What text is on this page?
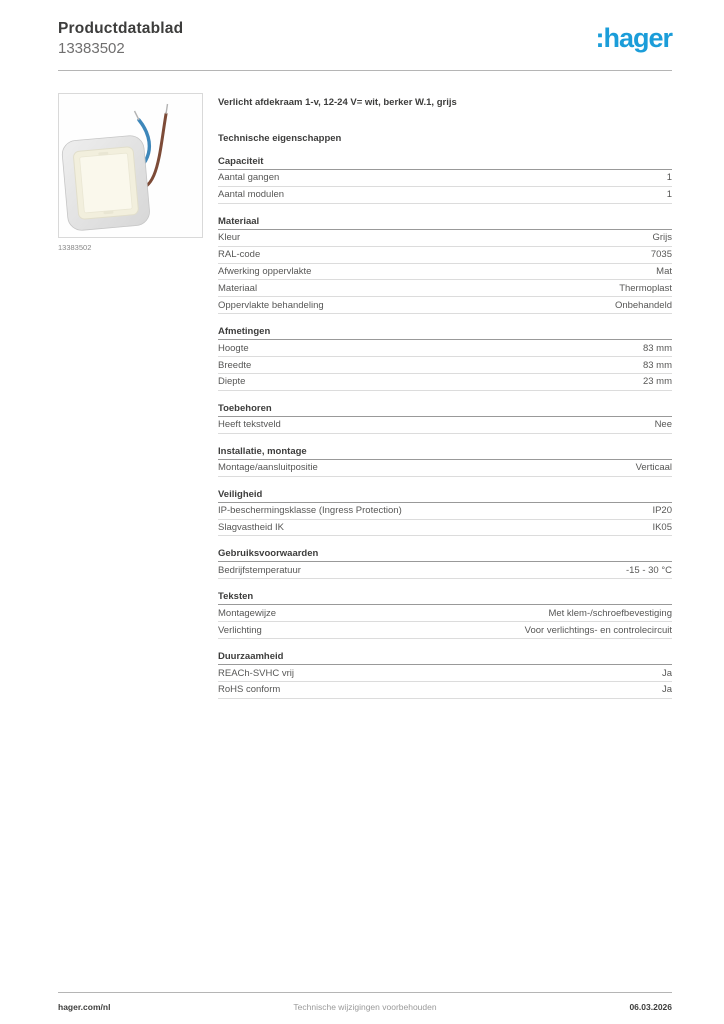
Productdatablad
13383502	:hager
13383502
Verlicht afdekraam 1-v, 12-24 V= wit, berker W.1, grijs
Technische eigenschappen
Capaciteit
Aantal gangen	1
Aantal modulen	1
Materiaal
Kleur	Grijs
RAL-code	7035
Afwerking oppervlakte	Mat
Materiaal	Thermoplast
Oppervlakte behandeling	Onbehandeld
Afmetingen
Hoogte	83 mm
Breedte	83 mm
Diepte	23 mm
Toebehoren
Heeft tekstveld	Nee
Installatie, montage
Montage/aansluitpositie	Verticaal
Veiligheid
IP-beschermingsklasse (Ingress Protection)	IP20
Slagvastheid IK	IK05
Gebruiksvoorwaarden
Bedrijfstemperatuur	-15 - 30 °C
Teksten
Montagewijze	Met klem-/schroefbevestiging
Verlichting	Voor verlichtings- en controlecircuit
Duurzaamheid
REACh-SVHC vrij	Ja
RoHS conform	Ja
hager.com/nl	Technische wijzigingen voorbehouden	06.03.2026
